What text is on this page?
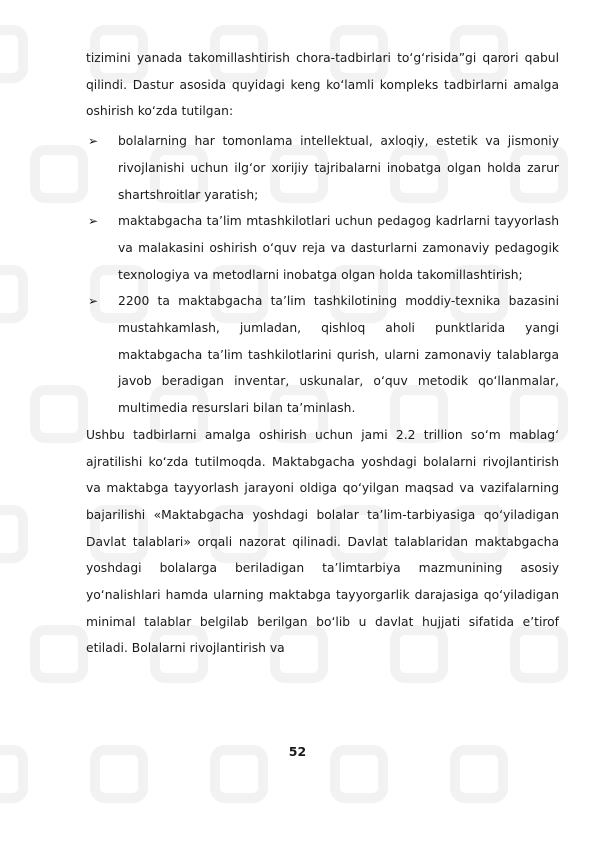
tizimini yanada takomillashtirish chora-tadbirlari to‘g‘risida”gi qarori qabul qilindi. Dastur asosida quyidagi keng ko‘lamli kompleks tadbirlarni amalga oshirish ko‘zda tutilgan:

➢ bolalarning har tomonlama intellektual, axloqiy, estetik va jismoniy rivojlanishi uchun ilg‘or xorijiy tajribalarni inobatga olgan holda zarur shartshroitlar yaratish;
➢ maktabgacha ta’lim mtashkilotlari uchun pedagog kadrlarni tayyorlash va malakasini oshirish o‘quv reja va dasturlarni zamonaviy pedagogik texnologiya va metodlarni inobatga olgan holda takomillashtirish;
➢ 2200 ta maktabgacha ta’lim tashkilotining moddiy-texnika bazasini mustahkamlash, jumladan, qishloq aholi punktlarida yangi maktabgacha ta’lim tashkilotlarini qurish, ularni zamonaviy talablarga javob beradigan inventar, uskunalar, o‘quv metodik qo‘llanmalar, multimedia resurslari bilan ta’minlash.

Ushbu tadbirlarni amalga oshirish uchun jami 2.2 trillion so‘m mablag‘ ajratilishi ko‘zda tutilmoqda. Maktabgacha yoshdagi bolalarni rivojlantirish va maktabga tayyorlash jarayoni oldiga qo‘yilgan maqsad va vazifalarning bajarilishi «Maktabgacha yoshdagi bolalar ta’lim-tarbiyasiga qo‘yiladigan Davlat talablari» orqali nazorat qilinadi. Davlat talablaridan maktabgacha yoshdagi bolalarga beriladigan ta’limtarbiya mazmunining asosiy yo‘nalishlari hamda ularning maktabga tayyorgarlik darajasiga qo‘yiladigan minimal talablar belgilab berilgan bo‘lib u davlat hujjati sifatida e’tirof etiladi. Bolalarni rivojlantirish va

52
